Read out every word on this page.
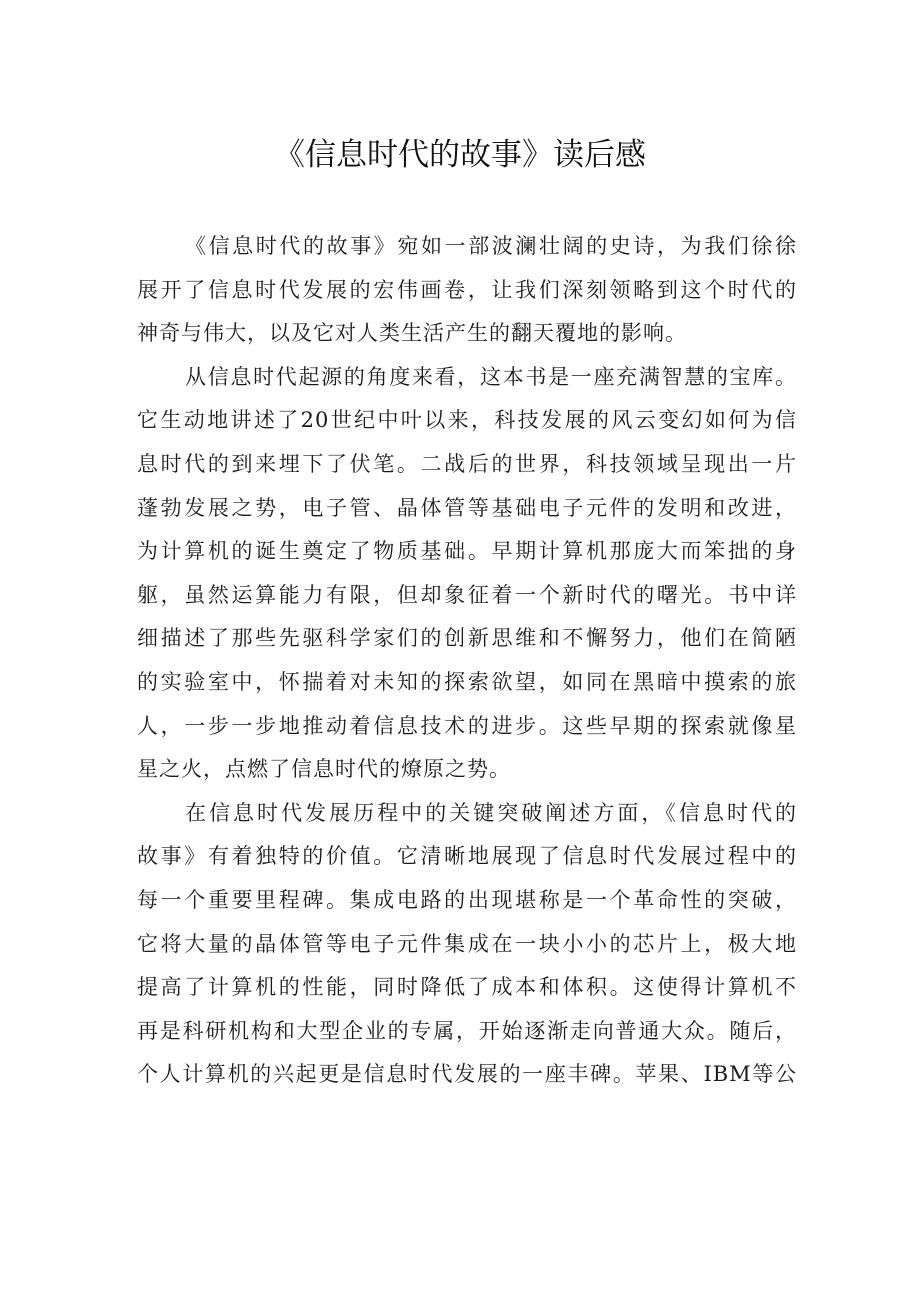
《信息时代的故事》读后感
《信息时代的故事》宛如一部波澜壮阔的史诗，为我们徐徐
展开了信息时代发展的宏伟画卷，让我们深刻领略到这个时代的
神奇与伟大，以及它对人类生活产生的翻天覆地的影响。
从信息时代起源的角度来看，这本书是一座充满智慧的宝库。
它生动地讲述了20世纪中叶以来，科技发展的风云变幻如何为信
息时代的到来埋下了伏笔。二战后的世界，科技领域呈现出一片
蓬勃发展之势，电子管、晶体管等基础电子元件的发明和改进，
为计算机的诞生奠定了物质基础。早期计算机那庞大而笨拙的身
躯，虽然运算能力有限，但却象征着一个新时代的曙光。书中详
细描述了那些先驱科学家们的创新思维和不懈努力，他们在简陋
的实验室中，怀揣着对未知的探索欲望，如同在黑暗中摸索的旅
人，一步一步地推动着信息技术的进步。这些早期的探索就像星
星之火，点燃了信息时代的燎原之势。
在信息时代发展历程中的关键突破阐述方面，《信息时代的
故事》有着独特的价值。它清晰地展现了信息时代发展过程中的
每一个重要里程碑。集成电路的出现堪称是一个革命性的突破，
它将大量的晶体管等电子元件集成在一块小小的芯片上，极大地
提高了计算机的性能，同时降低了成本和体积。这使得计算机不
再是科研机构和大型企业的专属，开始逐渐走向普通大众。随后，
个人计算机的兴起更是信息时代发展的一座丰碑。苹果、IBM等公
